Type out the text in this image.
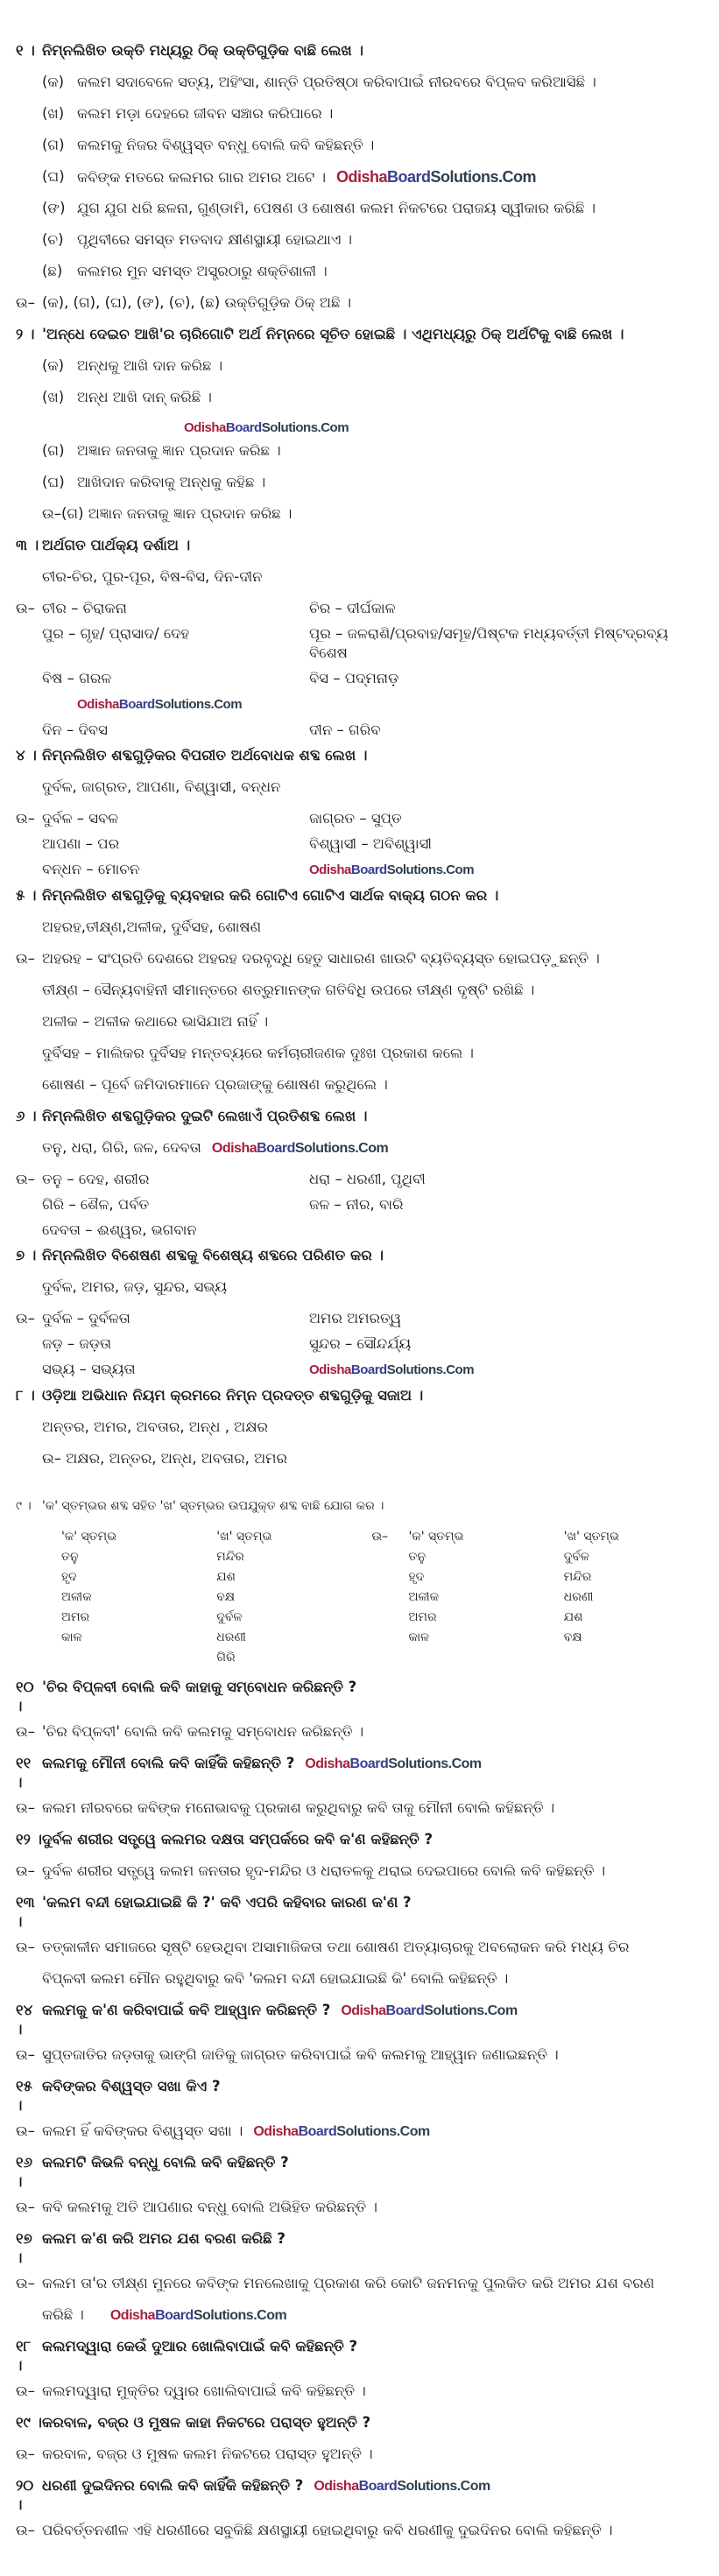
୧ । ନିମ୍ନଲିଖିତ ଉକ୍ତି ମଧ୍ୟରୁ ଠିକ୍ ଉକ୍ତିଗୁଡ଼ିକ ବାଛି ଲେଖ ।
(କ) କଲମ ସଦାବେଳେ ସତ୍ୟ, ଅହିଂସା, ଶାନ୍ତି ପ୍ରତିଷ୍ଠା କରିବାପାଇଁ ନୀରବରେ ବିପ୍ଳବ କରିଆସିଛି ।
(ଖ) କଲମ ମଡ଼ା ଦେହରେ ଜୀବନ ସଞ୍ଚାର କରିପାରେ ।
(ଗ) କଲମକୁ ନିଜର ବିଶ୍ୱସ୍ତ ବନ୍ଧୁ ବୋଲି କବି କହିଛନ୍ତି ।
(ଘ) କବିଙ୍କ ମତରେ କଲମର ଗାର ଅମର ଅଟେ । OdishaBoardSolutions.Com
(ଙ) ଯୁଗ ଯୁଗ ଧରି ଛଳନା, ଗୁଣ୍ଡାମି, ପେଷଣ ଓ ଶୋଷଣ କଲମ ନିକଟରେ ପରାଜୟ ସ୍ୱୀକାର କରିଛି ।
(ଚ) ପୃଥିବୀରେ ସମସ୍ତ ମତବାଦ କ୍ଷୀଣସ୍ଥାୟୀ ହୋଇଥାଏ ।
(ଛ)	କଲମର ମୁନ ସମସ୍ତ ଅସ୍ତ୍ରଠାରୁ ଶକ୍ତିଶାଳୀ ।
ଉ– (କ), (ଗ), (ଘ), (ଙ), (ଚ), (ଛ) ଉକ୍ତିଗୁଡ଼ିକ ଠିକ୍ ଅଛି ।
୨ । 'ଅନ୍ଧେ ଦେଇଚ ଆଖି'ର ଚାରିଗୋଟି ଅର୍ଥ ନିମ୍ନରେ ସୂଚିତ ହୋଇଛି । ଏଥିମଧ୍ୟରୁ ଠିକ୍ ଅର୍ଥଟିକୁ ବାଛି ଲେଖ ।
(କ) ଅନ୍ଧକୁ ଆଖି ଦାନ କରିଛ ।
(ଖ) ଅନ୍ଧ ଆଖି ଦାନ୍ କରିଛି ।
OdishaBoardSolutions.Com
(ଗ) ଅଜ୍ଞାନ ଜନତାକୁ ଜ୍ଞାନ ପ୍ରଦାନ କରିଛ ।
(ଘ) ଆଖିଦାନ କରିବାକୁ ଅନ୍ଧକୁ କହିଛ ।
ଉ–(ଗ) ଅଜ୍ଞାନ ଜନତାକୁ ଜ୍ଞାନ ପ୍ରଦାନ କରିଛ ।
୩ । ଅର୍ଥଗତ ପାର୍ଥକ୍ୟ ଦର୍ଶାଅ ।
ଚୀର-ଚିର, ପୁର-ପୂର, ବିଷ-ବିସ, ଦିନ-ଦୀନ
ଉ– ଚୀର – ଚିରାକନା	ଚିର – ଦୀର୍ଘକାଳ
ପୁର – ଗୃହ/ ପ୍ରାସାଦ/ ଦେହ	ପୂର – ଜଳରାଶି/ପ୍ରବାହ/ସମୂହ/ପିଷ୍ଟକ ମଧ୍ୟବର୍ତ୍ତୀ ମିଷ୍ଟଦ୍ରବ୍ୟ ବିଶେଷ
ବିଷ – ଗରଳ	ବିସ – ପଦ୍ମନାଡ଼
OdishaBoardSolutions.Com
ଦିନ – ଦିବସ	ଦୀନ – ଗରିବ
୪ । ନିମ୍ନଲିଖିତ ଶବ୍ଦଗୁଡ଼ିକର ବିପରୀତ ଅର୍ଥବୋଧକ ଶବ୍ଦ ଲେଖ ।
ଦୁର୍ବଳ, ଜାଗ୍ରତ, ଆପଣା, ବିଶ୍ୱାସୀ, ବନ୍ଧନ
ଉ– ଦୁର୍ବଳ – ସବଳ	ଜାଗ୍ରତ – ସୁପ୍ତ
ଆପଣା – ପର	ବିଶ୍ୱାସୀ – ଅବିଶ୍ୱାସୀ
ବନ୍ଧନ – ମୋଚନ	OdishaBoardSolutions.Com
୫ । ନିମ୍ନଲିଖିତ ଶବ୍ଦଗୁଡ଼ିକୁ ବ୍ୟବହାର କରି ଗୋଟିଏ ଗୋଟିଏ ସାର୍ଥକ ବାକ୍ୟ ଗଠନ କର ।
ଅହରହ,ତୀକ୍ଷ୍ଣ,ଅଳୀକ, ଦୁର୍ବିସହ, ଶୋଷଣ
ଉ– ଅହରହ – ସଂପ୍ରତି ଦେଶରେ ଅହରହ ଦରବୃଦ୍ଧି ହେତୁ ସାଧାରଣ ଖାଉଟି ବ୍ୟତିବ୍ୟସ୍ତ ହୋଇପଡ଼ୁଛନ୍ତି ।
ତୀକ୍ଷ୍ଣ – ସୈନ୍ୟବାହିନୀ ସୀମାନ୍ତରେ ଶତ୍ରୁମାନଙ୍କ ଗତିବିଧି ଉପରେ ତୀକ୍ଷ୍ଣ ଦୃଷ୍ଟି ରଖିଛି ।
ଅଳୀକ – ଅଳୀକ କଥାରେ ଭାସିଯାଅ ନାହିଁ ।
ଦୁର୍ବିସହ – ମାଲିକର ଦୁର୍ବିସହ ମନ୍ତବ୍ୟରେ କର୍ମଚାରୀଜଣକ ଦୁଃଖ ପ୍ରକାଶ କଲେ ।
ଶୋଷଣ – ପୂର୍ବେ ଜମିଦାରମାନେ ପ୍ରଜାଙ୍କୁ ଶୋଷଣ କରୁଥିଲେ ।
୬ । ନିମ୍ନଲିଖିତ ଶବ୍ଦଗୁଡ଼ିକର ଦୁଇଟି ଲେଖାଏଁ ପ୍ରତିଶବ୍ଦ ଲେଖ ।
ତନୁ, ଧରା, ଗିରି, ଜଳ, ଦେବତା OdishaBoardSolutions.Com
ଉ– ତନୁ – ଦେହ, ଶରୀର	ଧରା – ଧରଣୀ, ପୃଥିବୀ
ଗିରି – ଶୈଳ, ପର୍ବତ	ଜଳ – ନୀର, ବାରି
ଦେବତା – ଈଶ୍ୱର, ଭଗବାନ
୭ । ନିମ୍ନଲିଖିତ ବିଶେଷଣ ଶବ୍ଦକୁ ବିଶେଷ୍ୟ ଶବ୍ଦରେ ପରିଣତ କର ।
ଦୁର୍ବଳ, ଅମର, ଜଡ଼, ସୁନ୍ଦର, ସଭ୍ୟ
ଉ– ଦୁର୍ବଳ – ଦୁର୍ବଳତା	ଅମର ଅମରତ୍ୱ
ଜଡ଼ – ଜଡ଼ତା	ସୁନ୍ଦର – ସୌନ୍ଦର୍ଯ୍ୟ
ସଭ୍ୟ – ସଭ୍ୟତା	OdishaBoardSolutions.Com
୮ । ଓଡ଼ିଆ ଅଭିଧାନ ନିୟମ କ୍ରମରେ ନିମ୍ନ ପ୍ରଦତ୍ତ ଶବ୍ଦଗୁଡ଼ିକୁ ସଜାଅ ।
ଅନ୍ତର, ଅମର, ଅବତାର, ଅନ୍ଧ , ଅକ୍ଷର
ଉ– ଅକ୍ଷର, ଅନ୍ତର, ଅନ୍ଧ, ଅବତାର, ଅମର
୯ । 'କ' ସ୍ତମ୍ଭର ଶବ୍ଦ ସହିତ 'ଖ' ସ୍ତମ୍ଭର ଉପଯୁକ୍ତ ଶବ୍ଦ ବାଛି ଯୋଗ କର ।
'କ' ସ୍ତମ୍ଭ	'ଖ' ସ୍ତମ୍ଭ	ଉ–	'କ' ସ୍ତମ୍ଭ	'ଖ' ସ୍ତମ୍ଭ
ତନୁ	ମନ୍ଦିର	ତନୁ	ଦୁର୍ବଳ
ହୃଦ	ଯଶ	ହୃଦ	ମନ୍ଦିର
ଅଳୀକ	ବକ୍ଷ	ଅଳୀକ	ଧରଣୀ
ଅମର	ଦୁର୍ବଳ	ଅମର	ଯଶ
କାଳ	ଧରଣୀ	କାଳ	ବକ୍ଷ
ଗିରି
୧୦ ।
'ଚିର ବିପ୍ଳବୀ ବୋଲି କବି କାହାକୁ ସମ୍ବୋଧନ କରିଛନ୍ତି ?
ଉ– 'ଚିର ବିପ୍ଳବୀ' ବୋଲି କବି କଲମକୁ ସମ୍ବୋଧନ କରିଛନ୍ତି ।
୧୧ ।
କଲମକୁ ମୌନୀ ବୋଲି କବି କାହିଁକି କହିଛନ୍ତି ? OdishaBoardSolutions.Com
ଉ– କଲମ ନୀରବରେ କବିଙ୍କ ମନୋଭାବକୁ ପ୍ରକାଶ କରୁଥିବାରୁ କବି ତାକୁ ମୌନୀ ବୋଲି କହିଛନ୍ତି ।
୧୨ । ଦୁର୍ବଳ ଶରୀର ସତ୍ତ୍ୱେ କଲମର ଦକ୍ଷତା ସମ୍ପର୍କରେ କବି କ'ଣ କହିଛନ୍ତି ?
ଉ– ଦୁର୍ବଳ ଶରୀର ସତ୍ତ୍ୱେ କଲମ ଜନତାର ହୃଦ-ମନ୍ଦିର ଓ ଧରାତଳକୁ ଥରାଇ ଦେଇପାରେ ବୋଲି କବି କହିଛନ୍ତି ।
୧୩ ।
'କଲମ ବନ୍ଦୀ ହୋଇଯାଇଛି କି ?' କବି ଏପରି କହିବାର କାରଣ କ'ଣ ?
ଉ– ତତ୍କାଳୀନ ସମାଜରେ ସୃଷ୍ଟି ହେଉଥିବା ଅସାମାଜିକତା ତଥା ଶୋଷଣ ଅତ୍ୟାଚାରକୁ ଅବଲୋକନ କରି ମଧ୍ୟ ଚିର
ବିପ୍ଳବୀ କଲମ ମୌନ ରହୁଥିବାରୁ କବି 'କଲମ ବନ୍ଦୀ ହୋଇଯାଇଛି କି' ବୋଲି କହିଛନ୍ତି ।
୧୪ ।
କଲମକୁ କ'ଣ କରିବାପାଇଁ କବି ଆହ୍ୱାନ କରିଛନ୍ତି ? OdishaBoardSolutions.Com
ଉ– ସୁପ୍ତଜାତିର ଜଡ଼ତାକୁ ଭାଙ୍ଗି ଜାତିକୁ ଜାଗ୍ରତ କରିବାପାଇଁ କବି କଲମକୁ ଆହ୍ୱାନ ଜଣାଇଛନ୍ତି ।
୧୫ ।
କବିଙ୍କର ବିଶ୍ୱସ୍ତ ସଖା କିଏ ?
ଉ– କଲମ ହିଁ କବିଙ୍କର ବିଶ୍ୱସ୍ତ ସଖା । OdishaBoardSolutions.Com
୧୬ ।
କଲମଟି କିଭଳି ବନ୍ଧୁ ବୋଲି କବି କହିଛନ୍ତି ?
ଉ– କବି କଲମକୁ ଅତି ଆପଣାର ବନ୍ଧୁ ବୋଲି ଅଭିହିତ କରିଛନ୍ତି ।
୧୭ ।
କଲମ କ'ଣ କରି ଅମର ଯଶ ବରଣ କରିଛି ?
ଉ– କଲମ ତା'ର ତୀକ୍ଷ୍ଣ ମୁନରେ କବିଙ୍କ ମନଲେଖାକୁ ପ୍ରକାଶ କରି କୋଟି ଜନମନକୁ ପୁଲକିତ କରି ଅମର ଯଶ ବରଣ
କରିଛି । OdishaBoardSolutions.Com
୧୮ ।
କଲମଦ୍ୱାରା କେଉଁ ଦୁଆର ଖୋଲିବାପାଇଁ କବି କହିଛନ୍ତି ?
ଉ– କଲମଦ୍ୱାରା ମୁକ୍ତିର ଦ୍ୱାର ଖୋଲିବାପାଇଁ କବି କହିଛନ୍ତି ।
୧୯ । କରବାଳ, ବଜ୍ର ଓ ମୁଷଳ କାହା ନିକଟରେ ପରାସ୍ତ ହୁଅନ୍ତି ?
ଉ– କରବାଳ, ବଜ୍ର ଓ ମୁଷଳ କଲମ ନିକଟରେ ପରାସ୍ତ ହୁଅନ୍ତି ।
୨୦ ।
ଧରଣୀ ଦୁଇଦିନର ବୋଲି କବି କାହିଁକି କହିଛନ୍ତି ? OdishaBoardSolutions.Com
ଉ– ପରିବର୍ତ୍ତନଶୀଳ ଏହି ଧରଣୀରେ ସବୁକିଛି କ୍ଷଣସ୍ଥାୟୀ ହୋଇଥିବାରୁ କବି ଧରଣୀକୁ ଦୁଇଦିନର ବୋଲି କହିଛନ୍ତି ।
